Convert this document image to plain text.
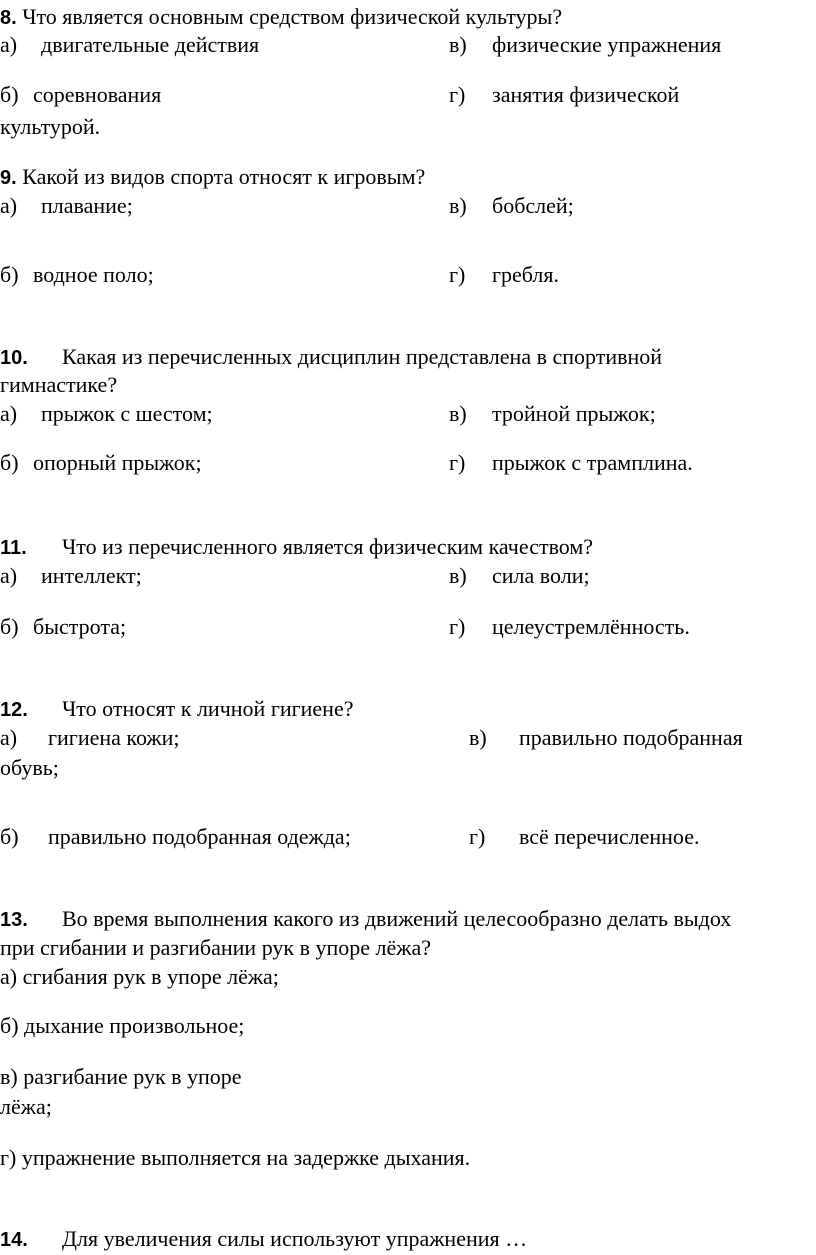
8. Что является основным средством физической культуры?
а) двигательные действия	в) физические упражнения
б) соревнования	г) занятия физической
культурой.
9. Какой из видов спорта относят к игровым?
а) плавание;	в) бобслей;
б) водное поло;	г) гребля.
10. Какая из перечисленных дисциплин представлена в спортивной
гимнастике?
а) прыжок с шестом;	в) тройной прыжок;
б) опорный прыжок;	г) прыжок с трамплина.
11. Что из перечисленного является физическим качеством?
а) интеллект;	в) сила воли;
б) быстрота;	г) целеустремлённость.
12. Что относят к личной гигиене?
а) гигиена кожи;	в) правильно подобранная
обувь;
б) правильно подобранная одежда;	г) всё перечисленное.
13. Во время выполнения какого из движений целесообразно делать выдох
при сгибании и разгибании рук в упоре лёжа?
а) сгибания рук в упоре лёжа;
б) дыхание произвольное;
в) разгибание рук в упоре
лёжа;
г) упражнение выполняется на задержке дыхания.
14. Для увеличения силы используют упражнения …
